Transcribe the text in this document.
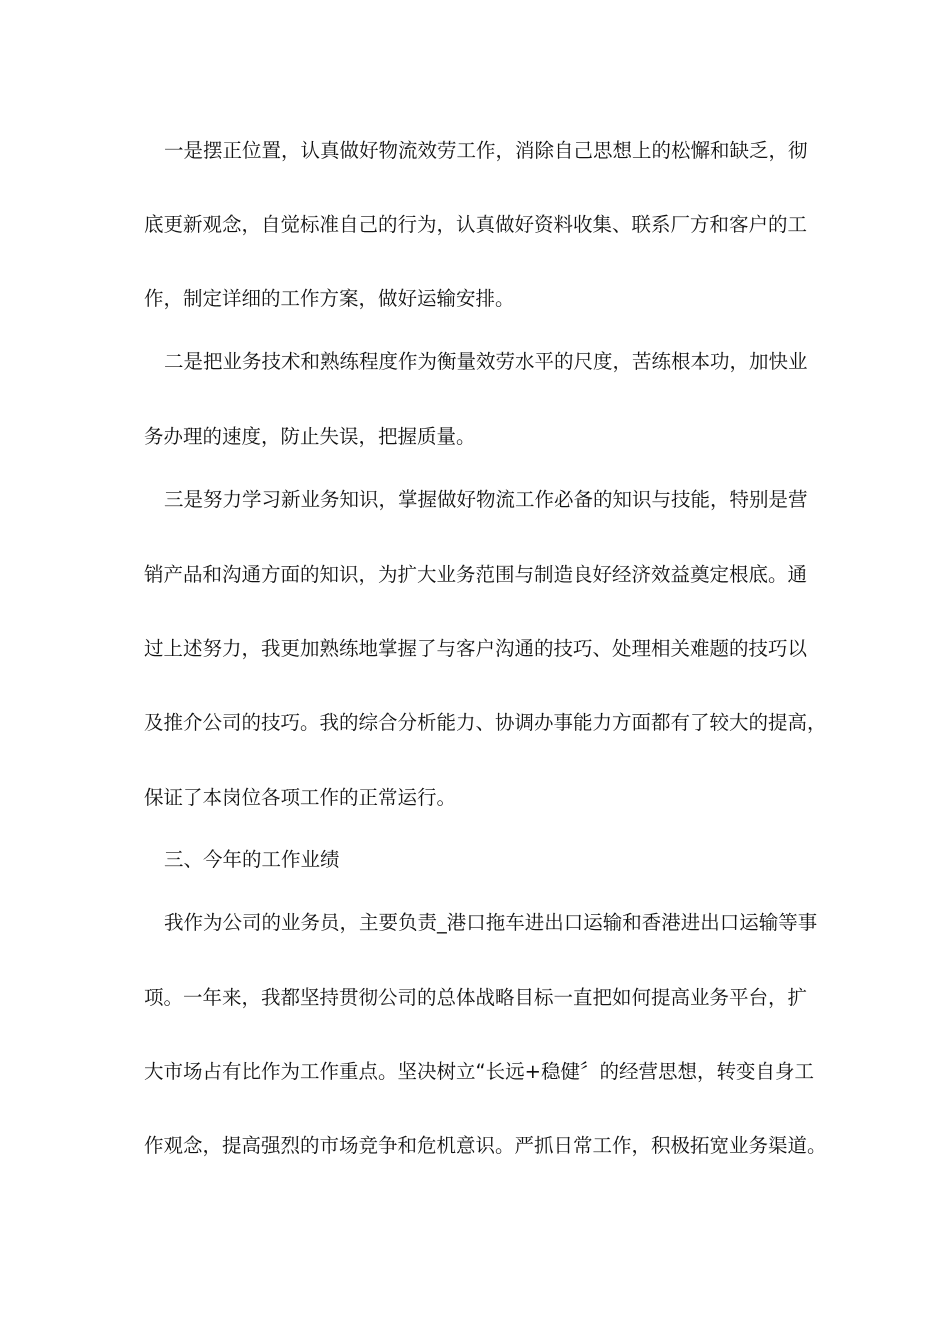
一是摆正位置，认真做好物流效劳工作，消除自己思想上的松懈和缺乏，彻
底更新观念，自觉标准自己的行为，认真做好资料收集、联系厂方和客户的工
作，制定详细的工作方案，做好运输安排。
二是把业务技术和熟练程度作为衡量效劳水平的尺度，苦练根本功，加快业
务办理的速度，防止失误，把握质量。
三是努力学习新业务知识，掌握做好物流工作必备的知识与技能，特别是营
销产品和沟通方面的知识，为扩大业务范围与制造良好经济效益奠定根底。通
过上述努力，我更加熟练地掌握了与客户沟通的技巧、处理相关难题的技巧以
及推介公司的技巧。我的综合分析能力、协调办事能力方面都有了较大的提高，
保证了本岗位各项工作的正常运行。
三、今年的工作业绩
我作为公司的业务员，主要负责_港口拖车进出口运输和香港进出口运输等事
项。一年来，我都坚持贯彻公司的总体战略目标一直把如何提高业务平台，扩
大市场占有比作为工作重点。坚决树立“长远+稳健〞的经营思想，转变自身工
作观念，提高强烈的市场竞争和危机意识。严抓日常工作，积极拓宽业务渠道。
